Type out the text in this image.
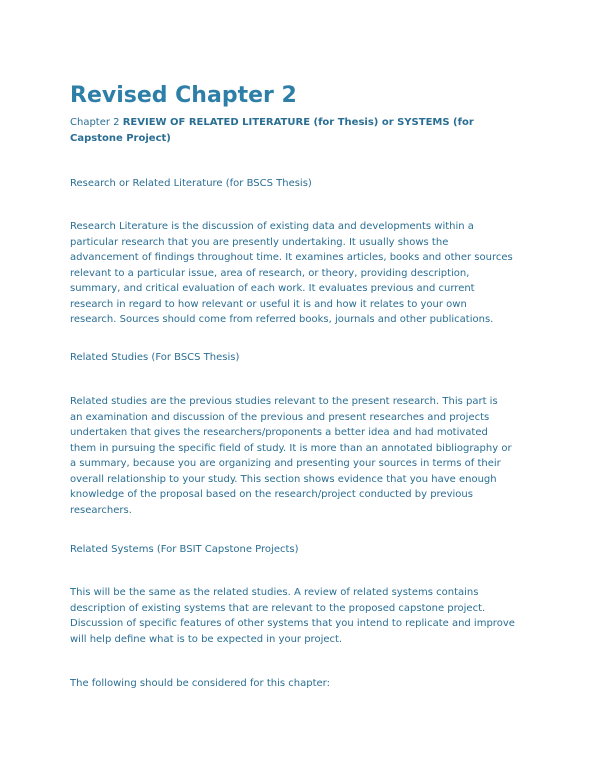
Revised Chapter 2

Chapter 2 REVIEW OF RELATED LITERATURE (for Thesis) or SYSTEMS (for
Capstone Project)

Research or Related Literature (for BSCS Thesis)

Research Literature is the discussion of existing data and developments within a
particular research that you are presently undertaking. It usually shows the
advancement of findings throughout time. It examines articles, books and other sources
relevant to a particular issue, area of research, or theory, providing description,
summary, and critical evaluation of each work. It evaluates previous and current
research in regard to how relevant or useful it is and how it relates to your own
research. Sources should come from referred books, journals and other publications.

Related Studies (For BSCS Thesis)

Related studies are the previous studies relevant to the present research. This part is
an examination and discussion of the previous and present researches and projects
undertaken that gives the researchers/proponents a better idea and had motivated
them in pursuing the specific field of study. It is more than an annotated bibliography or
a summary, because you are organizing and presenting your sources in terms of their
overall relationship to your study. This section shows evidence that you have enough
knowledge of the proposal based on the research/project conducted by previous
researchers.

Related Systems (For BSIT Capstone Projects)

This will be the same as the related studies. A review of related systems contains
description of existing systems that are relevant to the proposed capstone project.
Discussion of specific features of other systems that you intend to replicate and improve
will help define what is to be expected in your project.

The following should be considered for this chapter:
